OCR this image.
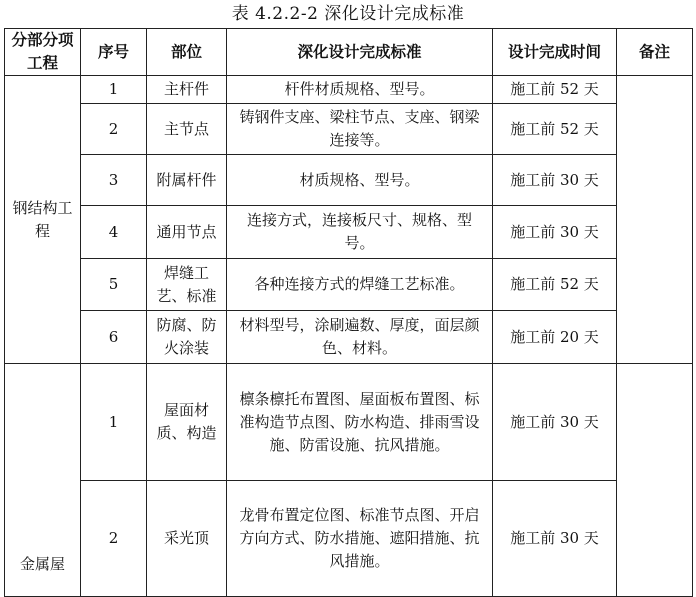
表 4.2.2-2 深化设计完成标准
分部分项工程	序号	部位	深化设计完成标准	设计完成时间	备注
钢结构工程	1	主杆件	杆件材质规格、型号。	施工前 52 天	
	2	主节点	铸钢件支座、梁柱节点、支座、钢梁连接等。	施工前 52 天	
	3	附属杆件	材质规格、型号。	施工前 30 天	
	4	通用节点	连接方式，连接板尺寸、规格、型号。	施工前 30 天	
	5	焊缝工艺、标准	各种连接方式的焊缝工艺标准。	施工前 52 天	
	6	防腐、防火涂装	材料型号，涂刷遍数、厚度，面层颜色、材料。	施工前 20 天	
金属屋	1	屋面材质、构造	檩条檩托布置图、屋面板布置图、标准构造节点图、防水构造、排雨雪设施、防雷设施、抗风措施。	施工前 30 天	
	2	采光顶	龙骨布置定位图、标准节点图、开启方向方式、防水措施、遮阳措施、抗风措施。	施工前 30 天	
